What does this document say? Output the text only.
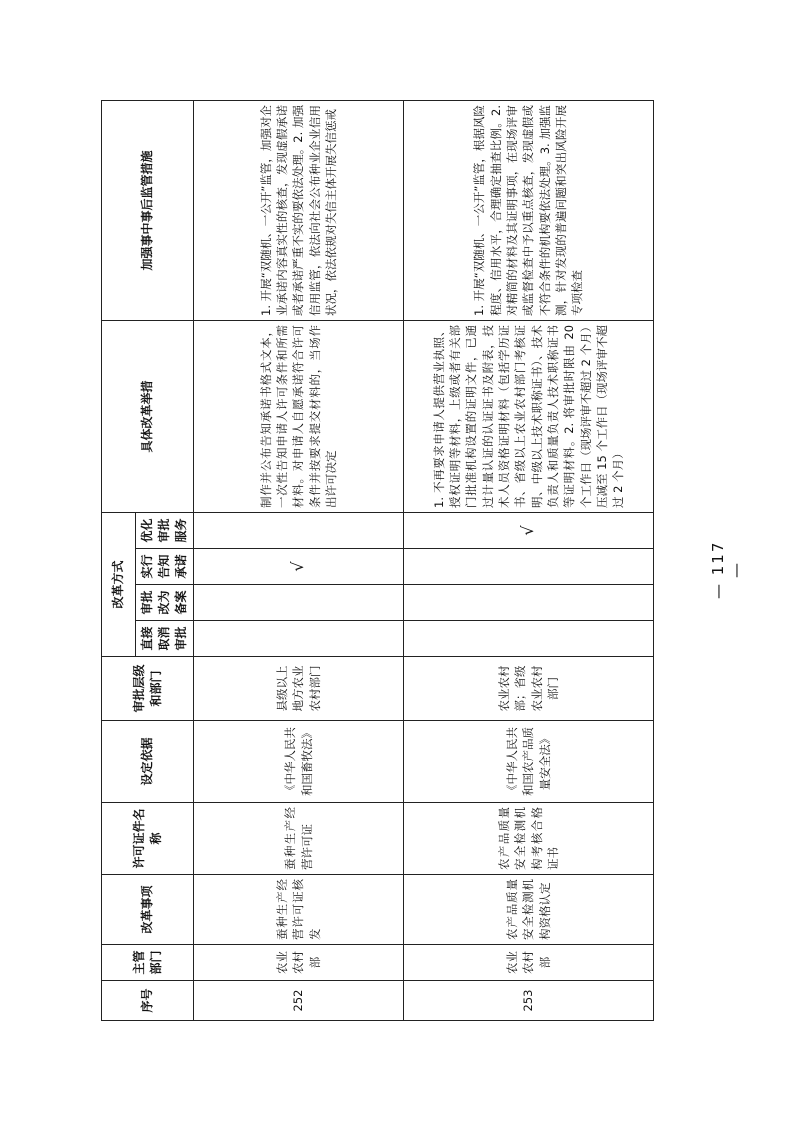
序号	主管部门	改革事项	许可证件名称	设定依据	审批层级和部门	改革方式				具体改革举措	加强事中事后监管措施
						直接取消审批	审批改为备案	实行告知承诺	优化审批服务		
252	农业农村部	蚕种生产经营许可证核发	蚕种生产经营许可证	《中华人民共和国畜牧法》	县级以上地方农业农村部门			√		制作并公布告知承诺书格式文本，一次性告知申请人许可条件和所需材料。对申请人自愿承诺符合许可条件并按要求提交材料的，当场作出许可决定	1. 开展“双随机、一公开”监管，加强对企业承诺内容真实性的核查，发现虚假承诺或者承诺严重不实的要依法处理。2. 加强信用监管，依法向社会公布种业企业信用状况，依法依规对失信主体开展失信惩戒
253	农业农村部	农产品质量安全检测机构资格认定	农产品质量安全检测机构考核合格证书	《中华人民共和国农产品质量安全法》	农业农村部；省级农业农村部门				√	1. 不再要求申请人提供营业执照、授权证明等材料，上级或者有关部门批准机构设置的证明文件，已通过计量认证的认证证书及附表，技术人员资格证明材料（包括学历证书、省级以上农业农村部门考核证明、中级以上技术职称证书）、技术负责人和质量负责人技术职称证书等证明材料。2. 将审批时限由 20 个工作日（现场评审不超过 2 个月） 压减至 15 个工作日（现场评审不超过 2 个月）	1. 开展“双随机、一公开”监管，根据风险程度、信用水平，合理确定抽查比例。2. 对精简的材料及其证明事项，在现场评审或监督检查中予以重点核查，发现虚假或不符合条件的机构要依法处理。3. 加强监测，针对发现的普遍问题和突出风险开展专项检查
— 117 —
